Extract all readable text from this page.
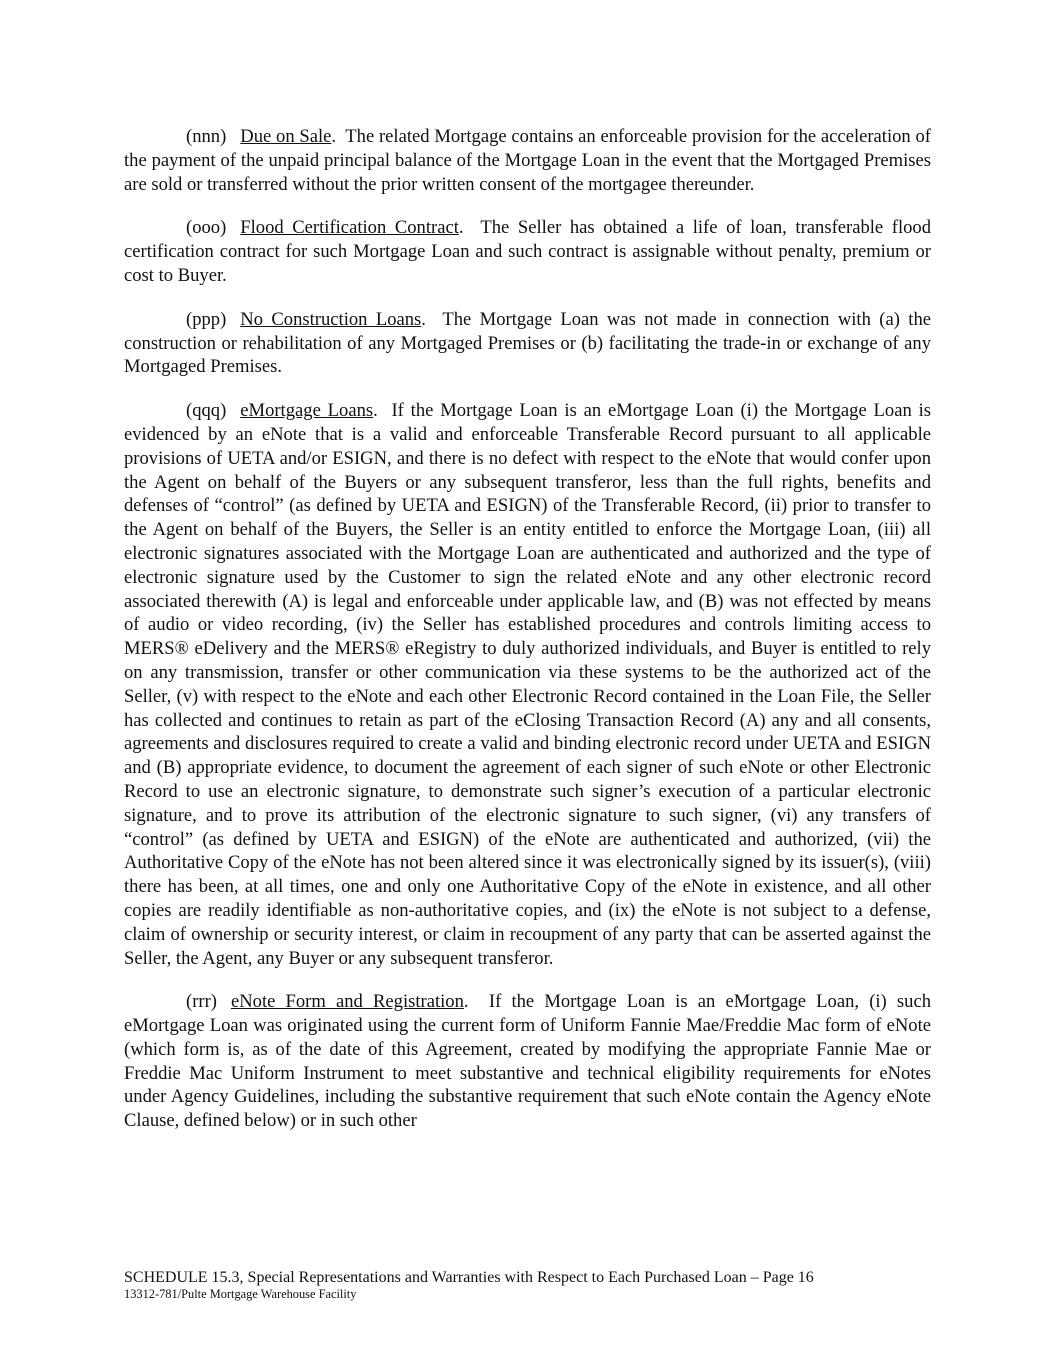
(nnn) Due on Sale.  The related Mortgage contains an enforceable provision for the acceleration of the payment of the unpaid principal balance of the Mortgage Loan in the event that the Mortgaged Premises are sold or transferred without the prior written consent of the mortgagee thereunder.

(ooo) Flood Certification Contract.  The Seller has obtained a life of loan, transferable flood certification contract for such Mortgage Loan and such contract is assignable without penalty, premium or cost to Buyer.

(ppp) No Construction Loans.  The Mortgage Loan was not made in connection with (a) the construction or rehabilitation of any Mortgaged Premises or (b) facilitating the trade-in or exchange of any Mortgaged Premises.

(qqq) eMortgage Loans.  If the Mortgage Loan is an eMortgage Loan (i) the Mortgage Loan is evidenced by an eNote that is a valid and enforceable Transferable Record pursuant to all applicable provisions of UETA and/or ESIGN, and there is no defect with respect to the eNote that would confer upon the Agent on behalf of the Buyers or any subsequent transferor, less than the full rights, benefits and defenses of “control” (as defined by UETA and ESIGN) of the Transferable Record, (ii) prior to transfer to the Agent on behalf of the Buyers, the Seller is an entity entitled to enforce the Mortgage Loan, (iii) all electronic signatures associated with the Mortgage Loan are authenticated and authorized and the type of electronic signature used by the Customer to sign the related eNote and any other electronic record associated therewith (A) is legal and enforceable under applicable law, and (B) was not effected by means of audio or video recording, (iv) the Seller has established procedures and controls limiting access to MERS® eDelivery and the MERS® eRegistry to duly authorized individuals, and Buyer is entitled to rely on any transmission, transfer or other communication via these systems to be the authorized act of the Seller, (v) with respect to the eNote and each other Electronic Record contained in the Loan File, the Seller has collected and continues to retain as part of the eClosing Transaction Record (A) any and all consents, agreements and disclosures required to create a valid and binding electronic record under UETA and ESIGN and (B) appropriate evidence, to document the agreement of each signer of such eNote or other Electronic Record to use an electronic signature, to demonstrate such signer’s execution of a particular electronic signature, and to prove its attribution of the electronic signature to such signer, (vi) any transfers of “control” (as defined by UETA and ESIGN) of the eNote are authenticated and authorized, (vii) the Authoritative Copy of the eNote has not been altered since it was electronically signed by its issuer(s), (viii) there has been, at all times, one and only one Authoritative Copy of the eNote in existence, and all other copies are readily identifiable as non-authoritative copies, and (ix) the eNote is not subject to a defense, claim of ownership or security interest, or claim in recoupment of any party that can be asserted against the Seller, the Agent, any Buyer or any subsequent transferor.

(rrr) eNote Form and Registration.  If the Mortgage Loan is an eMortgage Loan, (i) such eMortgage Loan was originated using the current form of Uniform Fannie Mae/Freddie Mac form of eNote (which form is, as of the date of this Agreement, created by modifying the appropriate Fannie Mae or Freddie Mac Uniform Instrument to meet substantive and technical eligibility requirements for eNotes under Agency Guidelines, including the substantive requirement that such eNote contain the Agency eNote Clause, defined below) or in such other

SCHEDULE 15.3, Special Representations and Warranties with Respect to Each Purchased Loan – Page 16
13312-781/Pulte Mortgage Warehouse Facility
